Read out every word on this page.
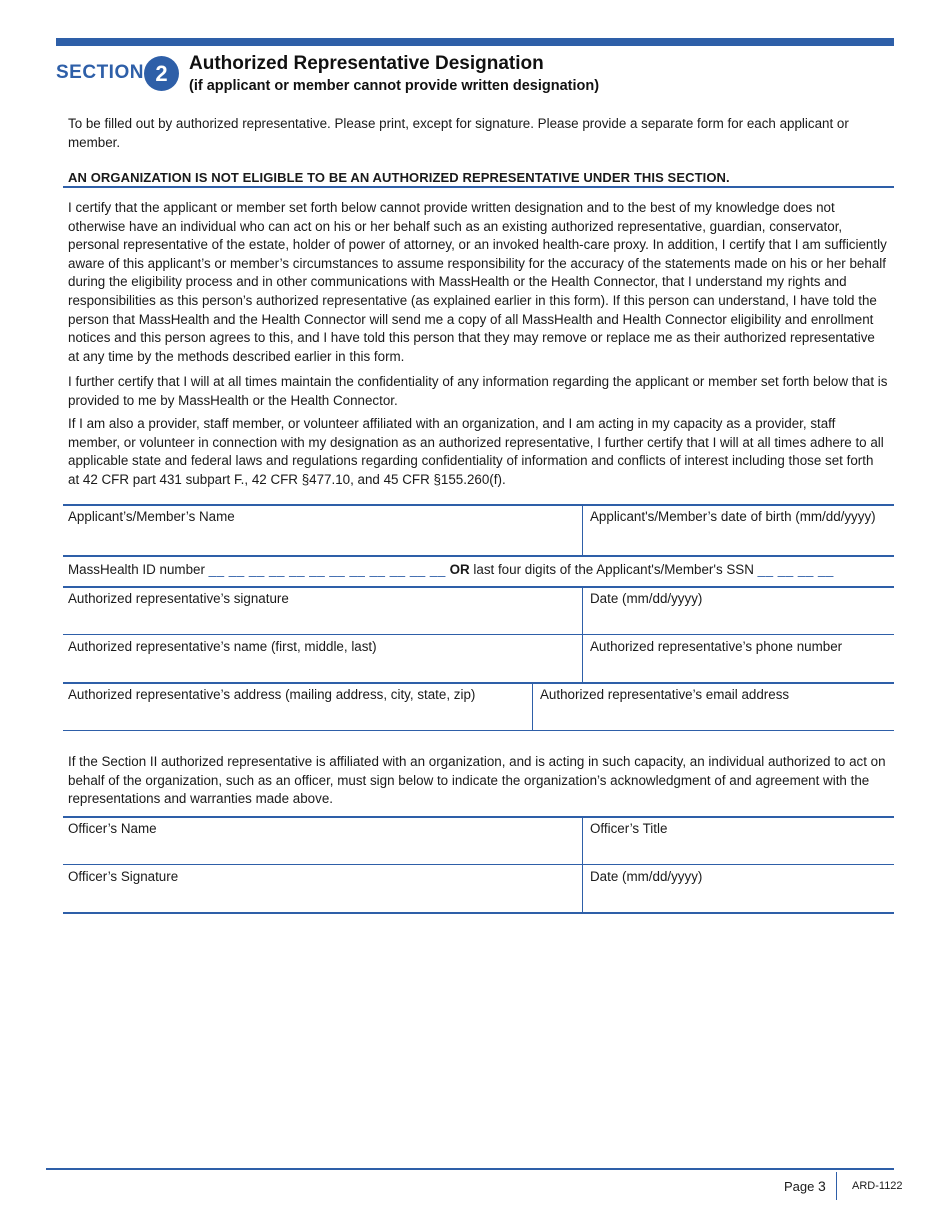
SECTION 2	Authorized Representative Designation
(if applicant or member cannot provide written designation)

To be filled out by authorized representative. Please print, except for signature. Please provide a separate form for each applicant or member.

AN ORGANIZATION IS NOT ELIGIBLE TO BE AN AUTHORIZED REPRESENTATIVE UNDER THIS SECTION.

I certify that the applicant or member set forth below cannot provide written designation and to the best of my knowledge does not otherwise have an individual who can act on his or her behalf such as an existing authorized representative, guardian, conservator, personal representative of the estate, holder of power of attorney, or an invoked health-care proxy. In addition, I certify that I am sufficiently aware of this applicant’s or member’s circumstances to assume responsibility for the accuracy of the statements made on his or her behalf during the eligibility process and in other communications with MassHealth or the Health Connector, that I understand my rights and responsibilities as this person’s authorized representative (as explained earlier in this form). If this person can understand, I have told the person that MassHealth and the Health Connector will send me a copy of all MassHealth and Health Connector eligibility and enrollment notices and this person agrees to this, and I have told this person that they may remove or replace me as their authorized representative at any time by the methods described earlier in this form.

I further certify that I will at all times maintain the confidentiality of any information regarding the applicant or member set forth below that is provided to me by MassHealth or the Health Connector.

If I am also a provider, staff member, or volunteer affiliated with an organization, and I am acting in my capacity as a provider, staff member, or volunteer in connection with my designation as an authorized representative, I further certify that I will at all times adhere to all applicable state and federal laws and regulations regarding confidentiality of information and conflicts of interest including those set forth at 42 CFR part 431 subpart F., 42 CFR §477.10, and 45 CFR §155.260(f).

Applicant’s/Member’s Name	Applicant's/Member’s date of birth (mm/dd/yyyy)
MassHealth ID number __ __ __ __ __ __ __ __ __ __ __ __ OR last four digits of the Applicant's/Member's SSN __ __ __ __
Authorized representative’s signature	Date (mm/dd/yyyy)
Authorized representative’s name (first, middle, last)	Authorized representative’s phone number
Authorized representative’s address (mailing address, city, state, zip)	Authorized representative’s email address

If the Section II authorized representative is affiliated with an organization, and is acting in such capacity, an individual authorized to act on behalf of the organization, such as an officer, must sign below to indicate the organization’s acknowledgment of and agreement with the representations and warranties made above.

Officer’s Name	Officer’s Title
Officer’s Signature	Date (mm/dd/yyyy)
Page 3 ARD-1122
